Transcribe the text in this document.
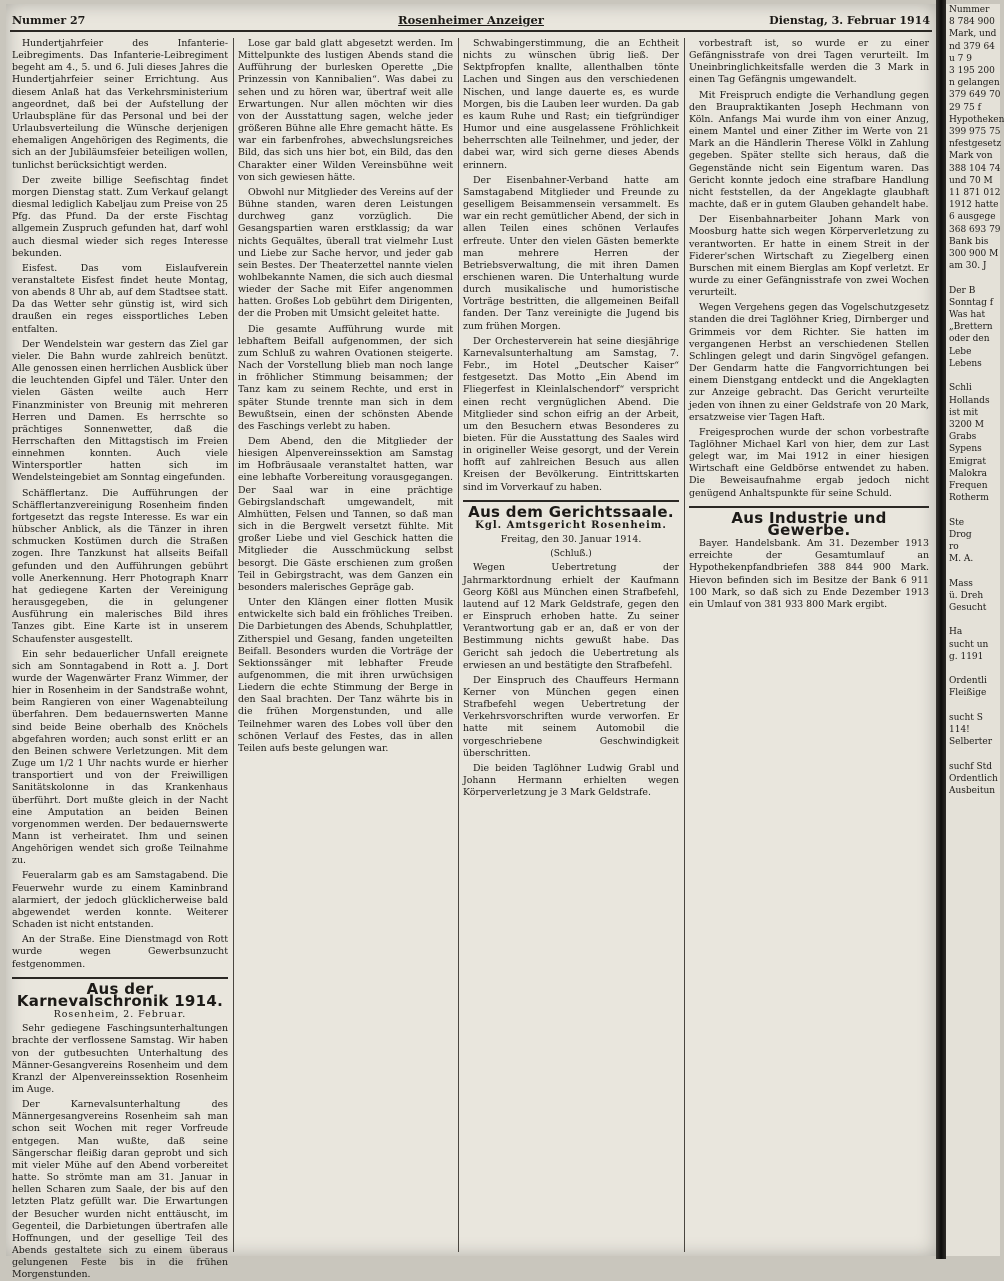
Nummer 27	Rosenheimer Anzeiger	Dienstag, 3. Februar 1914

Hundertjahrfeier des Infanterie-Leibregiments. Das Infanterie-Leibregiment begeht am 4., 5. und 6. Juli dieses Jahres die Hundertjahrfeier seiner Errichtung. Aus diesem Anlaß hat das Verkehrsministerium angeordnet, daß bei der Aufstellung der Urlaubspläne für das Personal und bei der Urlaubsverteilung die Wünsche derjenigen ehemaligen Angehörigen des Regiments, die sich an der Jubiläumsfeier beteiligen wollen, tunlichst berücksichtigt werden.

Der zweite billige Seefischtag findet morgen Dienstag statt. Zum Verkauf gelangt diesmal lediglich Kabeljau zum Preise von 25 Pfg. das Pfund. Da der erste Fischtag allgemein Zuspruch gefunden hat, darf wohl auch diesmal wieder sich reges Interesse bekunden.

Eisfest. Das vom Eislaufverein veranstaltete Eisfest findet heute Montag, von abends 8 Uhr ab, auf dem Stadtsee statt. Da das Wetter sehr günstig ist, wird sich draußen ein reges eissportliches Leben entfalten.

Der Wendelstein war gestern das Ziel gar vieler. Die Bahn wurde zahlreich benützt. Alle genossen einen herrlichen Ausblick über die leuchtenden Gipfel und Täler. Unter den vielen Gästen weilte auch Herr Finanzminister von Breunig mit mehreren Herren und Damen. Es herrschte so prächtiges Sonnenwetter, daß die Herrschaften den Mittagstisch im Freien einnehmen konnten. Auch viele Wintersportler hatten sich im Wendelsteingebiet am Sonntag eingefunden.

Schäfflertanz. Die Aufführungen der Schäfflertanzvereinigung Rosenheim finden fortgesetzt das regste Interesse. Es war ein hübscher Anblick, als die Tänzer in ihren schmucken Kostümen durch die Straßen zogen. Ihre Tanzkunst hat allseits Beifall gefunden und den Aufführungen gebührt volle Anerkennung. Herr Photograph Knarr hat gediegene Karten der Vereinigung herausgegeben, die in gelungener Ausführung ein malerisches Bild ihres Tanzes gibt. Eine Karte ist in unserem Schaufenster ausgestellt.

Ein sehr bedauerlicher Unfall ereignete sich am Sonntagabend in Rott a. J. Dort wurde der Wagenwärter Franz Wimmer, der hier in Rosenheim in der Sandstraße wohnt, beim Rangieren von einer Wagenabteilung überfahren. Dem bedauernswerten Manne sind beide Beine oberhalb des Knöchels abgefahren worden; auch sonst erlitt er an den Beinen schwere Verletzungen. Mit dem Zuge um 1/2 1 Uhr nachts wurde er hierher transportiert und von der Freiwilligen Sanitätskolonne in das Krankenhaus überführt. Dort mußte gleich in der Nacht eine Amputation an beiden Beinen vorgenommen werden. Der bedauernswerte Mann ist verheiratet. Ihm und seinen Angehörigen wendet sich große Teilnahme zu.

Feueralarm gab es am Samstagabend. Die Feuerwehr wurde zu einem Kaminbrand alarmiert, der jedoch glücklicherweise bald abgewendet werden konnte. Weiterer Schaden ist nicht entstanden.

An der Straße. Eine Dienstmagd von Rott wurde wegen Gewerbsunzucht festgenommen.

Aus der Karnevalschronik 1914.
Rosenheim, 2. Februar.

Sehr gediegene Faschingsunterhaltungen brachte der verflossene Samstag. Wir haben von der gutbesuchten Unterhaltung des Männer-Gesangvereins Rosenheim und dem Kranzl der Alpenvereinssektion Rosenheim im Auge.

Der Karnevalsunterhaltung des Männergesangvereins Rosenheim sah man schon seit Wochen mit reger Vorfreude entgegen. Man wußte, daß seine Sängerschar fleißig daran geprobt und sich mit vieler Mühe auf den Abend vorbereitet hatte. So strömte man am 31. Januar in hellen Scharen zum Saale, der bis auf den letzten Platz gefüllt war. Die Erwartungen der Besucher wurden nicht enttäuscht, im Gegenteil, die Darbietungen übertrafen alle Hoffnungen, und der gesellige Teil des Abends gestaltete sich zu einem überaus gelungenen Feste bis in die frühen Morgenstunden.

Lose gar bald glatt abgesetzt werden. Im Mittelpunkte des lustigen Abends stand die Aufführung der burlesken Operette „Die Prinzessin von Kannibalien“. Was dabei zu sehen und zu hören war, übertraf weit alle Erwartungen. Nur allen möchten wir dies von der Ausstattung sagen, welche jeder größeren Bühne alle Ehre gemacht hätte. Es war ein farbenfrohes, abwechslungsreiches Bild, das sich uns hier bot, ein Bild, das den Charakter einer Wilden Vereinsbühne weit von sich gewiesen hätte.

Obwohl nur Mitglieder des Vereins auf der Bühne standen, waren deren Leistungen durchweg ganz vorzüglich. Die Gesangspartien waren erstklassig; da war nichts Gequältes, überall trat vielmehr Lust und Liebe zur Sache hervor, und jeder gab sein Bestes. Der Theaterzettel nannte vielen wohlbekannte Namen, die sich auch diesmal wieder der Sache mit Eifer angenommen hatten. Großes Lob gebührt dem Dirigenten, der die Proben mit Umsicht geleitet hatte.

Die gesamte Aufführung wurde mit lebhaftem Beifall aufgenommen, der sich zum Schluß zu wahren Ovationen steigerte. Nach der Vorstellung blieb man noch lange in fröhlicher Stimmung beisammen; der Tanz kam zu seinem Rechte, und erst in später Stunde trennte man sich in dem Bewußtsein, einen der schönsten Abende des Faschings verlebt zu haben.

Dem Abend, den die Mitglieder der hiesigen Alpenvereinssektion am Samstag im Hofbräusaale veranstaltet hatten, war eine lebhafte Vorbereitung vorausgegangen. Der Saal war in eine prächtige Gebirgslandschaft umgewandelt, mit Almhütten, Felsen und Tannen, so daß man sich in die Bergwelt versetzt fühlte. Mit großer Liebe und viel Geschick hatten die Mitglieder die Ausschmückung selbst besorgt. Die Gäste erschienen zum großen Teil in Gebirgstracht, was dem Ganzen ein besonders malerisches Gepräge gab.

Unter den Klängen einer flotten Musik entwickelte sich bald ein fröhliches Treiben. Die Darbietungen des Abends, Schuhplattler, Zitherspiel und Gesang, fanden ungeteilten Beifall. Besonders wurden die Vorträge der Sektionssänger mit lebhafter Freude aufgenommen, die mit ihren urwüchsigen Liedern die echte Stimmung der Berge in den Saal brachten. Der Tanz währte bis in die frühen Morgenstunden, und alle Teilnehmer waren des Lobes voll über den schönen Verlauf des Festes, das in allen Teilen aufs beste gelungen war.

Schwabingerstimmung, die an Echtheit nichts zu wünschen übrig ließ. Der Sektpfropfen knallte, allenthalben tönte Lachen und Singen aus den verschiedenen Nischen, und lange dauerte es, es wurde Morgen, bis die Lauben leer wurden. Da gab es kaum Ruhe und Rast; ein tiefgründiger Humor und eine ausgelassene Fröhlichkeit beherrschten alle Teilnehmer, und jeder, der dabei war, wird sich gerne dieses Abends erinnern.

Der Eisenbahner-Verband hatte am Samstagabend Mitglieder und Freunde zu geselligem Beisammensein versammelt. Es war ein recht gemütlicher Abend, der sich in allen Teilen eines schönen Verlaufes erfreute. Unter den vielen Gästen bemerkte man mehrere Herren der Betriebsverwaltung, die mit ihren Damen erschienen waren. Die Unterhaltung wurde durch musikalische und humoristische Vorträge bestritten, die allgemeinen Beifall fanden. Der Tanz vereinigte die Jugend bis zum frühen Morgen.

Der Orchesterverein hat seine diesjährige Karnevalsunterhaltung am Samstag, 7. Febr., im Hotel „Deutscher Kaiser“ festgesetzt. Das Motto „Ein Abend im Fliegerfest in Kleinlalschendorf“ verspricht einen recht vergnüglichen Abend. Die Mitglieder sind schon eifrig an der Arbeit, um den Besuchern etwas Besonderes zu bieten. Für die Ausstattung des Saales wird in origineller Weise gesorgt, und der Verein hofft auf zahlreichen Besuch aus allen Kreisen der Bevölkerung. Eintrittskarten sind im Vorverkauf zu haben.

Aus dem Gerichtssaale.
Kgl. Amtsgericht Rosenheim.
Freitag, den 30. Januar 1914.
(Schluß.)

Wegen Uebertretung der Jahrmarktordnung erhielt der Kaufmann Georg Kößl aus München einen Strafbefehl, lautend auf 12 Mark Geldstrafe, gegen den er Einspruch erhoben hatte. Zu seiner Verantwortung gab er an, daß er von der Bestimmung nichts gewußt habe. Das Gericht sah jedoch die Uebertretung als erwiesen an und bestätigte den Strafbefehl.

Der Einspruch des Chauffeurs Hermann Kerner von München gegen einen Strafbefehl wegen Uebertretung der Verkehrsvorschriften wurde verworfen. Er hatte mit seinem Automobil die vorgeschriebene Geschwindigkeit überschritten.

Die beiden Taglöhner Ludwig Grabl und Johann Hermann erhielten wegen Körperverletzung je 3 Mark Geldstrafe.

vorbestraft ist, so wurde er zu einer Gefängnisstrafe von drei Tagen verurteilt. Im Uneinbringlichkeitsfalle werden die 3 Mark in einen Tag Gefängnis umgewandelt.

Mit Freispruch endigte die Verhandlung gegen den Braupraktikanten Joseph Hechmann von Köln. Anfangs Mai wurde ihm von einer Anzug, einem Mantel und einer Zither im Werte von 21 Mark an die Händlerin Therese Völkl in Zahlung gegeben. Später stellte sich heraus, daß die Gegenstände nicht sein Eigentum waren. Das Gericht konnte jedoch eine strafbare Handlung nicht feststellen, da der Angeklagte glaubhaft machte, daß er in gutem Glauben gehandelt habe.

Der Eisenbahnarbeiter Johann Mark von Moosburg hatte sich wegen Körperverletzung zu verantworten. Er hatte in einem Streit in der Fiderer'schen Wirtschaft zu Ziegelberg einen Burschen mit einem Bierglas am Kopf verletzt. Er wurde zu einer Gefängnisstrafe von zwei Wochen verurteilt.

Wegen Vergehens gegen das Vogelschutzgesetz standen die drei Taglöhner Krieg, Dirnberger und Grimmeis vor dem Richter. Sie hatten im vergangenen Herbst an verschiedenen Stellen Schlingen gelegt und darin Singvögel gefangen. Der Gendarm hatte die Fangvorrichtungen bei einem Dienstgang entdeckt und die Angeklagten zur Anzeige gebracht. Das Gericht verurteilte jeden von ihnen zu einer Geldstrafe von 20 Mark, ersatzweise vier Tagen Haft.

Freigesprochen wurde der schon vorbestrafte Taglöhner Michael Karl von hier, dem zur Last gelegt war, im Mai 1912 in einer hiesigen Wirtschaft eine Geldbörse entwendet zu haben. Die Beweisaufnahme ergab jedoch nicht genügend Anhaltspunkte für seine Schuld.

Aus Industrie und Gewerbe.

Bayer. Handelsbank. Am 31. Dezember 1913 erreichte der Gesamtumlauf an Hypothekenpfandbriefen 388 844 900 Mark. Hievon befinden sich im Besitze der Bank 6 911 100 Mark, so daß sich zu Ende Dezember 1913 ein Umlauf von 381 933 800 Mark ergibt.

Nummer
8 784 900
Mark, und
nd 379 64
u 7 9
3 195 200
n gelangen
379 649 70
29 75 f
Hypotheken
399 975 75
nfestgesetz
Mark von
388 104 74
und 70 M
11 871 012
1912 hatte
6 ausgege
368 693 79
Bank bis
300 900 M
am 30. J

Der B
Sonntag f
Was hat
„Brettern
oder den
Lebe
Lebens

Schli
Hollands
ist mit
3200 M
Grabs
Sypens
Emigrat
Malokra
Frequen
Rotherm

Ste
Drog
ro
M. A.

Mass
ü. Dreh
Gesucht

Ha
sucht un
g. 1191

Ordentli
Fleißige

sucht S
114!
Selberter

suchf Std
Ordentlich
Ausbeitun
